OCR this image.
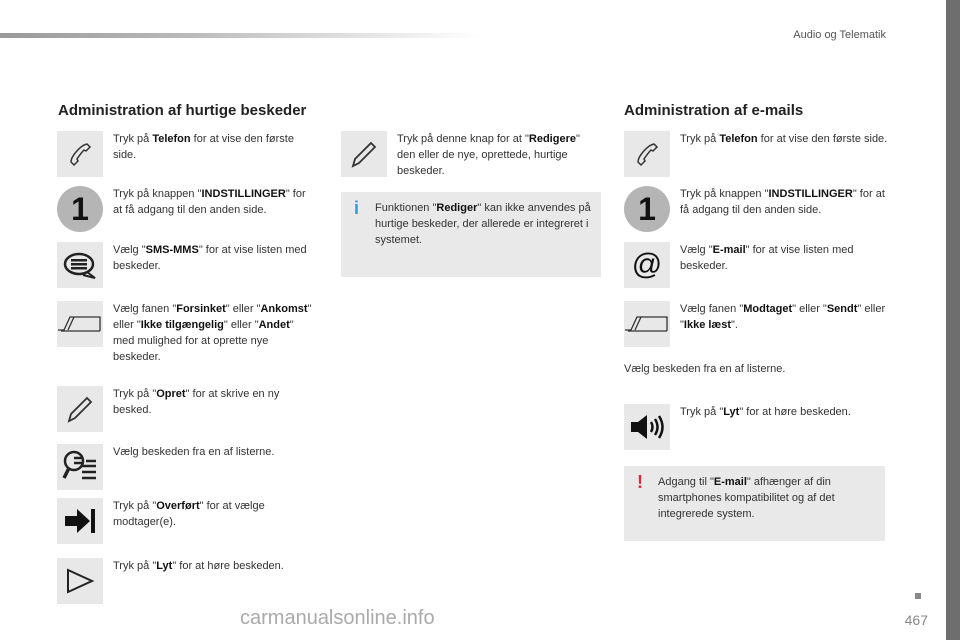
Audio og Telematik
Administration af hurtige beskeder	Administration af e-mails
Tryk på Telefon for at vise den første side.
1 Tryk på knappen "INDSTILLINGER" for at få adgang til den anden side.
Vælg "SMS-MMS" for at vise listen med beskeder.
Vælg fanen "Forsinket" eller "Ankomst" eller "Ikke tilgængelig" eller "Andet" med mulighed for at oprette nye beskeder.
Tryk på "Opret" for at skrive en ny besked.
Vælg beskeden fra en af listerne.
Tryk på "Overført" for at vælge modtager(e).
Tryk på "Lyt" for at høre beskeden.
Tryk på denne knap for at "Redigere" den eller de nye, oprettede, hurtige beskeder.
Tryk på Telefon for at vise den første side.
1 Tryk på knappen "INDSTILLINGER" for at få adgang til den anden side.
@ Vælg "E-mail" for at vise listen med beskeder.
Vælg fanen "Modtaget" eller "Sendt" eller "Ikke læst".
Tryk på "Lyt" for at høre beskeden.
i Funktionen "Rediger" kan ikke anvendes på hurtige beskeder, der allerede er integreret i systemet.
! Adgang til "E-mail" afhænger af din smartphones kompatibilitet og af det integrerede system.
Vælg beskeden fra en af listerne.
carmanualsonline.info	467
